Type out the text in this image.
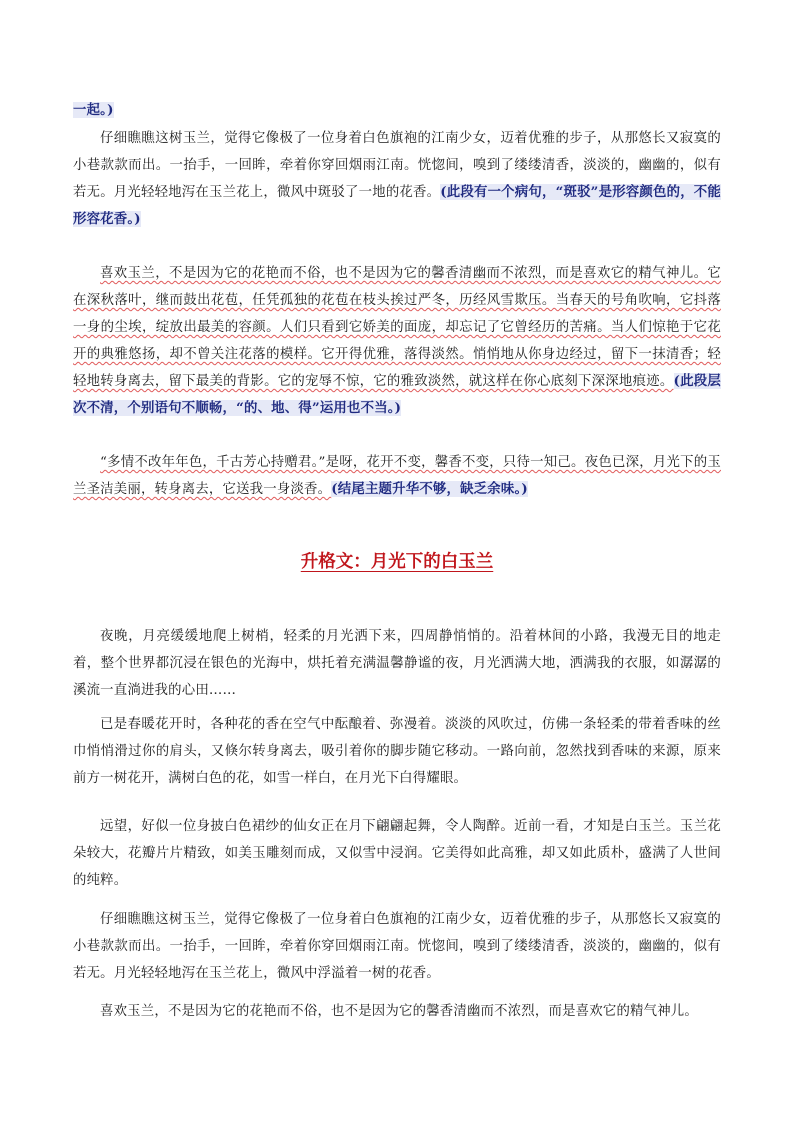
一起。)

仔细瞧瞧这树玉兰，觉得它像极了一位身着白色旗袍的江南少女，迈着优雅的步子，从那悠长又寂寞的小巷款款而出。一抬手，一回眸，牵着你穿回烟雨江南。恍惚间，嗅到了缕缕清香，淡淡的，幽幽的，似有若无。月光轻轻地泻在玉兰花上，微风中斑驳了一地的花香。(此段有一个病句，“斑驳”是形容颜色的，不能形容花香。)

喜欢玉兰，不是因为它的花艳而不俗，也不是因为它的馨香清幽而不浓烈，而是喜欢它的精气神儿。它在深秋落叶，继而鼓出花苞，任凭孤独的花苞在枝头挨过严冬，历经风雪欺压。当春天的号角吹响，它抖落一身的尘埃，绽放出最美的容颜。人们只看到它娇美的面庞，却忘记了它曾经历的苦痛。当人们惊艳于它花开的典雅悠扬，却不曾关注花落的模样。它开得优雅，落得淡然。悄悄地从你身边经过，留下一抹清香；轻轻地转身离去，留下最美的背影。它的宠辱不惊，它的雅致淡然，就这样在你心底刻下深深地痕迹。(此段层次不清，个别语句不顺畅，“的、地、得”运用也不当。)

“多情不改年年色，千古芳心持赠君。”是呀，花开不变，馨香不变，只待一知己。夜色已深，月光下的玉兰圣洁美丽，转身离去，它送我一身淡香。(结尾主题升华不够，缺乏余味。)

升格文：月光下的白玉兰

夜晚，月亮缓缓地爬上树梢，轻柔的月光洒下来，四周静悄悄的。沿着林间的小路，我漫无目的地走着，整个世界都沉浸在银色的光海中，烘托着充满温馨静谧的夜，月光洒满大地，洒满我的衣服，如潺潺的溪流一直淌进我的心田……

已是春暖花开时，各种花的香在空气中酝酿着、弥漫着。淡淡的风吹过，仿佛一条轻柔的带着香味的丝巾悄悄滑过你的肩头，又倏尔转身离去，吸引着你的脚步随它移动。一路向前，忽然找到香味的来源，原来前方一树花开，满树白色的花，如雪一样白，在月光下白得耀眼。

远望，好似一位身披白色裙纱的仙女正在月下翩翩起舞，令人陶醉。近前一看，才知是白玉兰。玉兰花朵较大，花瓣片片精致，如美玉雕刻而成，又似雪中浸润。它美得如此高雅，却又如此质朴，盛满了人世间的纯粹。

仔细瞧瞧这树玉兰，觉得它像极了一位身着白色旗袍的江南少女，迈着优雅的步子，从那悠长又寂寞的小巷款款而出。一抬手，一回眸，牵着你穿回烟雨江南。恍惚间，嗅到了缕缕清香，淡淡的，幽幽的，似有若无。月光轻轻地泻在玉兰花上，微风中浮溢着一树的花香。

喜欢玉兰，不是因为它的花艳而不俗，也不是因为它的馨香清幽而不浓烈，而是喜欢它的精气神儿。
